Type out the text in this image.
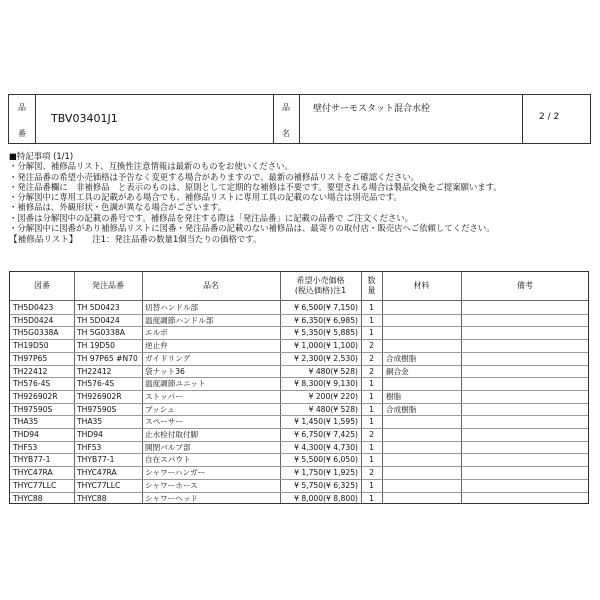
品
番
TBV03401J1
品
名
壁付サーモスタット混合水栓
2 / 2
■特記事項 (1/1)
・分解図、補修品リスト、互換性注意情報は最新のものをお使いください。
・発注品番の希望小売価格は予告なく変更する場合がありますので、最新の補修品リストをご確認ください。
・発注品番欄に　非補修品　と表示のものは、原則として定期的な補修は不要です。要望される場合は製品交換をご提案願います。
・分解図中に専用工具の記載がある場合でも、補修品リストに専用工具の記載のない場合は別売品です。
・補修品は、外観形状・色調が異なる場合がございます。
・図番は分解図中の記載の番号です。補修品を発注する際は「発注品番」に記載の品番で ご注文ください。
・分解図中に図番があり補修品リストに図番・発注品番の記載のない補修品は、最寄りの取付店・販売店へご依頼してください。
【補修品リスト】 注1：発注品番の数量1個当たりの価格です。
図番	発注品番	品名
希望小売価格
(税込価格)注1
数
量
材料	備考
TH5D0423	TH 5D0423	切替ハンドル部	¥ 6,500(¥ 7,150)	1
TH5D0424	TH 5D0424	温度調節ハンドル部	¥ 6,350(¥ 6,985)	1
TH5G0338A	TH 5G0338A	エルボ	¥ 5,350(¥ 5,885)	1
TH19D50	TH 19D50	逆止弁	¥ 1,000(¥ 1,100)	2
TH97P65	TH 97P65 #N70 ガイドリング	¥ 2,300(¥ 2,530)	2	合成樹脂
TH22412	TH22412	袋ナット36	¥ 480(¥ 528)	2	銅合金
TH576-4S	TH576-4S	温度調節ユニット	¥ 8,300(¥ 9,130)	1
TH926902R	TH926902R	ストッパー	¥ 200(¥ 220)	1	樹脂
TH97590S	TH97590S	ブッシュ	¥ 480(¥ 528)	1	合成樹脂
THA35	THA35	スペーサー	¥ 1,450(¥ 1,595)	1
THD94	THD94	止水栓付取付脚	¥ 6,750(¥ 7,425)	2
THF53	THF53	開閉バルブ部	¥ 4,300(¥ 4,730)	1
THYB77-1	THYB77-1	自在スパウト	¥ 5,500(¥ 6,050)	1
THYC47RA	THYC47RA	シャワーハンガー	¥ 1,750(¥ 1,925)	2
THYC77LLC	THYC77LLC	シャワーホース	¥ 5,750(¥ 6,325)	1
THYC88	THYC88	シャワーヘッド	¥ 8,000(¥ 8,800)	1
